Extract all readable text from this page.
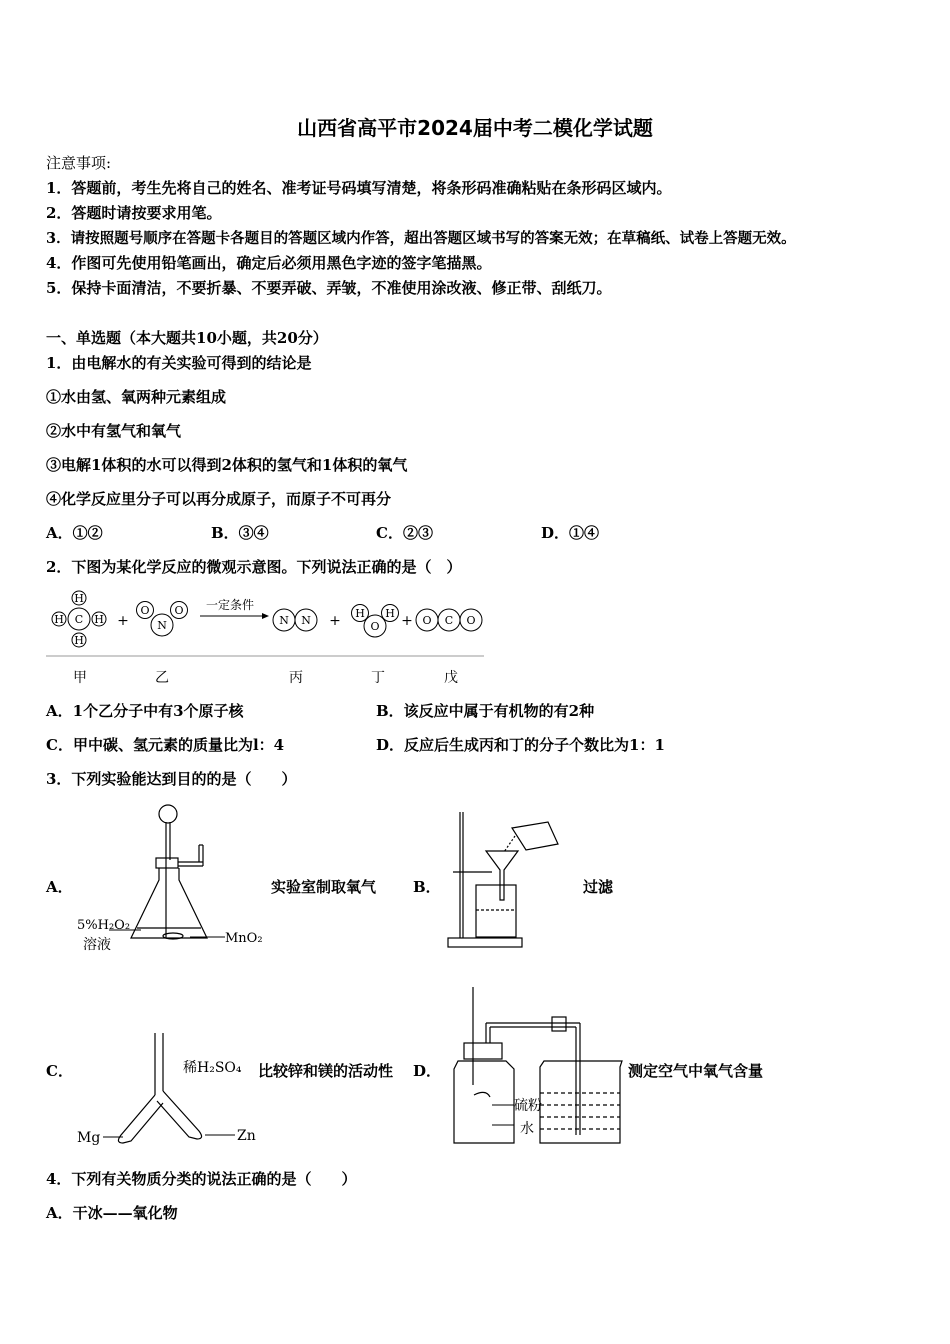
山西省高平市2024届中考二模化学试题
注意事项:
1．答题前，考生先将自己的姓名、准考证号码填写清楚，将条形码准确粘贴在条形码区域内。
2．答题时请按要求用笔。
3．请按照题号顺序在答题卡各题目的答题区域内作答，超出答题区域书写的答案无效；在草稿纸、试卷上答题无效。
4．作图可先使用铅笔画出，确定后必须用黑色字迹的签字笔描黑。
5．保持卡面清洁，不要折暴、不要弄破、弄皱，不准使用涂改液、修正带、刮纸刀。
一、单选题（本大题共10小题，共20分）
1．由电解水的有关实验可得到的结论是
①水由氢、氧两种元素组成
②水中有氢气和氧气
③电解1体积的水可以得到2体积的氢气和1体积的氧气
④化学反应里分子可以再分成原子，而原子不可再分
A．①②	B．③④	C．②③	D．①④
2．下图为某化学反应的微观示意图。下列说法正确的是（　）
H
H	H
H
C
O O
N	N N
H H
O	O C O
+	+	+
一定条件
甲	乙	丙	丁	戊
A．1个乙分子中有3个原子核	B．该反应中属于有机物的有2种
C．甲中碳、氢元素的质量比为l：4	D．反应后生成丙和丁的分子个数比为1：1
3．下列实验能达到目的的是（　　）
A．
5%H₂O₂
溶液	MnO₂
实验室制取氧气 B．	过滤
C．	稀H₂SO₄
Mg	Zn
比较锌和镁的活动性 D．
硫粉
水
测定空气中氧气含量
4．下列有关物质分类的说法正确的是（　　）
A．干冰——氧化物
